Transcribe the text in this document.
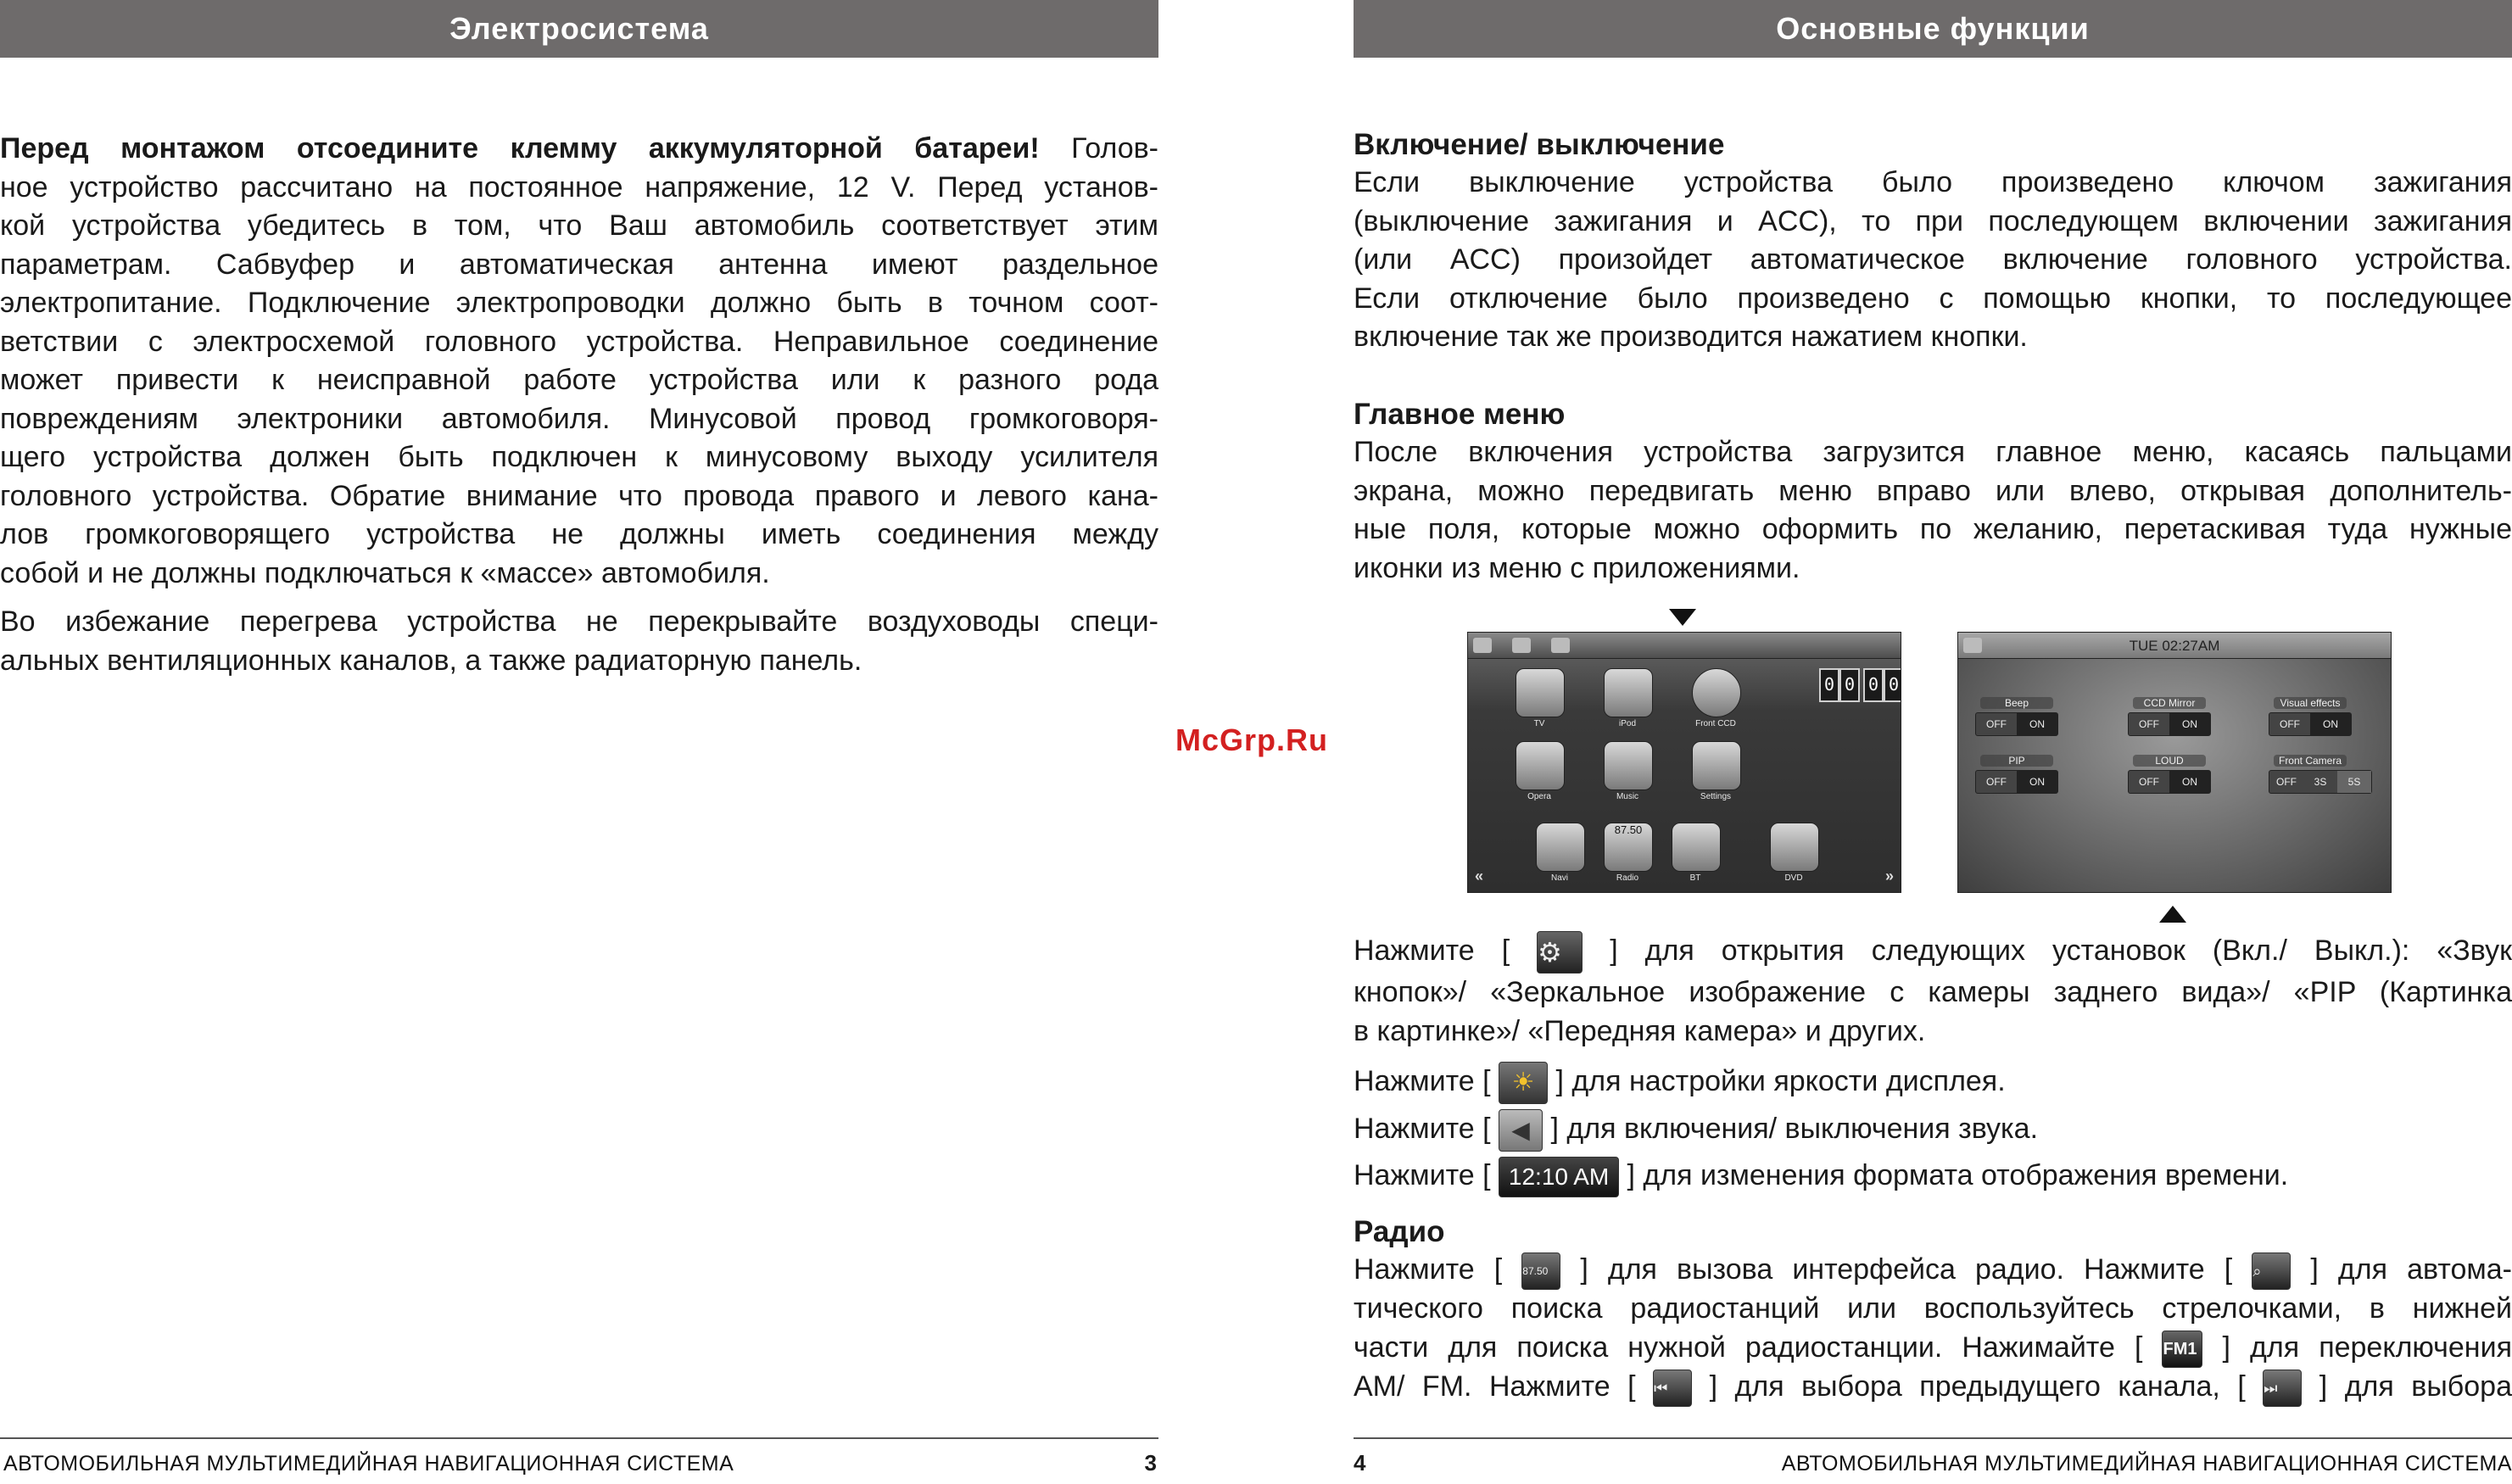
Электросистема

Перед монтажом отсоедините клемму аккумуляторной батареи! Голов-

ное устройство рассчитано на постоянное напряжение, 12 V. Перед установ-

кой устройства убедитесь в том, что Ваш автомобиль соответствует этим

параметрам. Сабвуфер и автоматическая антенна имеют раздельное

электропитание. Подключение электропроводки должно быть в точном соот-

ветствии с электросхемой головного устройства. Неправильное соединение

может привести к неисправной работе устройства или к разного рода

повреждениям электроники автомобиля. Минусовой провод громкоговоря-

щего устройства должен быть подключен к минусовому выходу усилителя

головного устройства. Обратие внимание что провода правого и левого кана-

лов громкоговорящего устройства не должны иметь соединения между

собой и не должны подключаться к «массе» автомобиля.

Во избежание перегрева устройства не перекрывайте воздуховоды специ-

альных вентиляционных каналов, а также радиаторную панель.

АВТОМОБИЛЬНАЯ МУЛЬТИМЕДИЙНАЯ НАВИГАЦИОННАЯ СИСТЕМА	3
McGrp.Ru
Основные функции

Включение/ выключение

Если выключение устройства было произведено ключом зажигания

(выключение зажигания и ACC), то при последующем включении зажигания

(или ACC) произойдет автоматическое включение головного устройства.

Если отключение было произведено с помощью кнопки, то последующее

включение так же производится нажатием кнопки.

Главное меню

После включения устройства загрузится главное меню, касаясь пальцами

экрана, можно передвигать меню вправо или влево, открывая дополнитель-

ные поля, которые можно оформить по желанию, перетаскивая туда нужные

иконки из меню с приложениями.

TV	iPod	Front CCD
0 0 0 0
Opera	Music	Settings
Navi
87.50
Radio	BT	DVD
«	»
TUE 02:27AM
Beep
OFF	ON
CCD Mirror
OFF	ON
Visual effects
OFF	ON
PIP
OFF	ON
LOUD
OFF	ON
Front Camera
OFF	3S	5S

Нажмите [ ⚙ ] для открытия следующих установок (Вкл./ Выкл.): «Звук

кнопок»/ «Зеркальное изображение с камеры заднего вида»/ «PIP (Картинка

в картинке»/ «Передняя камера» и других.

Нажмите [ ☀ ] для настройки яркости дисплея.
Нажмите [ ◀ ] для включения/ выключения звука.
Нажмите [ 12:10 AM ] для изменения формата отображения времени.

Радио

Нажмите [ 87.50 ] для вызова интерфейса радио. Нажмите [ ⌕ ] для автома-

тического поиска радиостанций или воспользуйтесь стрелочками, в нижней

части для поиска нужной радиостанции. Нажимайте [ FM1 ] для переключения

AM/ FM. Нажмите [ ⏮ ] для выбора предыдущего канала, [ ⏭ ] для выбора

4	АВТОМОБИЛЬНАЯ МУЛЬТИМЕДИЙНАЯ НАВИГАЦИОННАЯ СИСТЕМА
